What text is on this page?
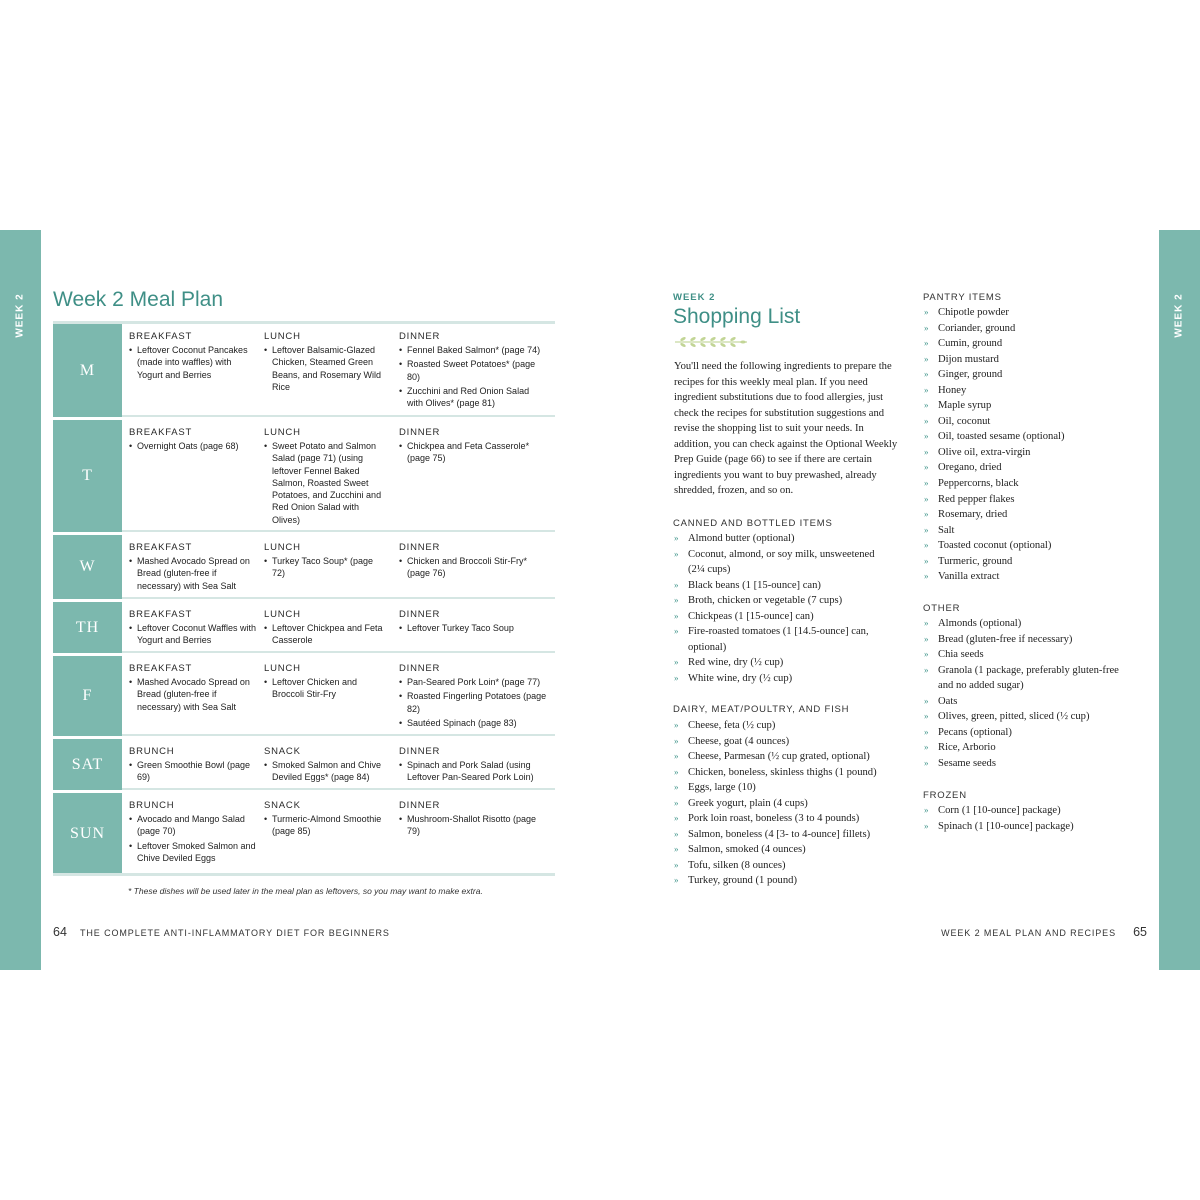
WEEK 2 Week 2 Meal Plan
M
BREAKFAST
• Leftover Coconut Pancakes (made into waffles) with Yogurt and Berries
LUNCH
• Leftover Balsamic-Glazed Chicken, Steamed Green Beans, and Rosemary Wild Rice
DINNER
• Fennel Baked Salmon* (page 74)
• Roasted Sweet Potatoes* (page 80)
• Zucchini and Red Onion Salad with Olives* (page 81)
T
BREAKFAST
• Overnight Oats (page 68)
LUNCH
• Sweet Potato and Salmon Salad (page 71) (using leftover Fennel Baked Salmon, Roasted Sweet Potatoes, and Zucchini and Red Onion Salad with Olives)
DINNER
• Chickpea and Feta Casserole* (page 75)
W
BREAKFAST
• Mashed Avocado Spread on Bread (gluten-free if necessary) with Sea Salt
LUNCH
• Turkey Taco Soup* (page 72)
DINNER
• Chicken and Broccoli Stir-Fry* (page 76)
TH
BREAKFAST
• Leftover Coconut Waffles with Yogurt and Berries
LUNCH
• Leftover Chickpea and Feta Casserole
DINNER
• Leftover Turkey Taco Soup
F
BREAKFAST
• Mashed Avocado Spread on Bread (gluten-free if necessary) with Sea Salt
LUNCH
• Leftover Chicken and Broccoli Stir-Fry
DINNER
• Pan-Seared Pork Loin* (page 77)
• Roasted Fingerling Potatoes (page 82)
• Sautéed Spinach (page 83)
SAT
BRUNCH
• Green Smoothie Bowl (page 69)
SNACK
• Smoked Salmon and Chive Deviled Eggs* (page 84)
DINNER
• Spinach and Pork Salad (using Leftover Pan-Seared Pork Loin)
SUN
BRUNCH
• Avocado and Mango Salad (page 70)
• Leftover Smoked Salmon and Chive Deviled Eggs
SNACK
• Turmeric-Almond Smoothie (page 85)
DINNER
• Mushroom-Shallot Risotto (page 79)
* These dishes will be used later in the meal plan as leftovers, so you may want to make extra.
64 THE COMPLETE ANTI-INFLAMMATORY DIET FOR BEGINNERS
WEEK 2
Shopping List
You'll need the following ingredients to prepare the recipes for this weekly meal plan. If you need ingredient substitutions due to food allergies, just check the recipes for substitution suggestions and revise the shopping list to suit your needs. In addition, you can check against the Optional Weekly Prep Guide (page 66) to see if there are certain ingredients you want to buy prewashed, already shredded, frozen, and so on.
CANNED AND BOTTLED ITEMS
» Almond butter (optional)
» Coconut, almond, or soy milk, unsweetened (2¼ cups)
» Black beans (1 [15-ounce] can)
» Broth, chicken or vegetable (7 cups)
» Chickpeas (1 [15-ounce] can)
» Fire-roasted tomatoes (1 [14.5-ounce] can, optional)
» Red wine, dry (½ cup)
» White wine, dry (½ cup)
DAIRY, MEAT/POULTRY, AND FISH
» Cheese, feta (½ cup)
» Cheese, goat (4 ounces)
» Cheese, Parmesan (½ cup grated, optional)
» Chicken, boneless, skinless thighs (1 pound)
» Eggs, large (10)
» Greek yogurt, plain (4 cups)
» Pork loin roast, boneless (3 to 4 pounds)
» Salmon, boneless (4 [3- to 4-ounce] fillets)
» Salmon, smoked (4 ounces)
» Tofu, silken (8 ounces)
» Turkey, ground (1 pound)
PANTRY ITEMS
» Chipotle powder
» Coriander, ground
» Cumin, ground
» Dijon mustard
» Ginger, ground
» Honey
» Maple syrup
» Oil, coconut
» Oil, toasted sesame (optional)
» Olive oil, extra-virgin
» Oregano, dried
» Peppercorns, black
» Red pepper flakes
» Rosemary, dried
» Salt
» Toasted coconut (optional)
» Turmeric, ground
» Vanilla extract
OTHER
» Almonds (optional)
» Bread (gluten-free if necessary)
» Chia seeds
» Granola (1 package, preferably gluten-free and no added sugar)
» Oats
» Olives, green, pitted, sliced (½ cup)
» Pecans (optional)
» Rice, Arborio
» Sesame seeds
FROZEN
» Corn (1 [10-ounce] package)
» Spinach (1 [10-ounce] package)
WEEK 2 MEAL PLAN AND RECIPES 65
WEEK 2
